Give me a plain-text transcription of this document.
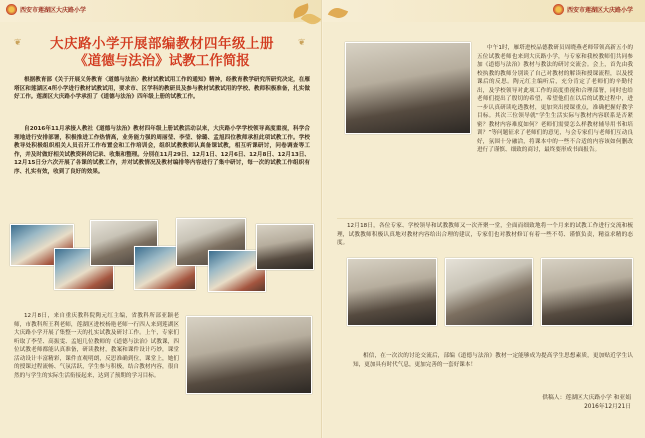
西安市莲湖区大庆路小学
❦	❦
大庆路小学开展部编教材四年级上册
《道德与法治》试教工作简报
根据教育部《关于开展义务教育〈道德与法治〉教材试教试用工作的通知》精神，经教育教学研究所研究决定，在雁塔区和莲湖区4所小学进行教材试教试用，要求市、区学科的教研员及参与教材试教试用的学校、教师积极准备，扎实做好工作。莲湖区大庆路小学承担了《道德与法治》四年级上册的试教工作。
自2016年11月承接人教社《道德与法治》教材四年级上册试教活动以来，大庆路小学学校领导高度重视，科学合理地进行安排部署，积极推进工作热情高，业务能力强的周丽莹、李莹、徐璐、孟旭四位教师承担此项试教工作。学校教导处积极组织相关人员召开工作布置会和工作培训会，组织试教教师认真备课试教，相互听课研讨，问卷调查等工作，并及时做好相关试教资料的记录、收集和整理。分别在11月29日、12月1日、12月6日、12月8日、12月13日、12月15日分六次开展了各课的试教工作，并对试教情况及教材编排等内容进行了集中研讨，每一次的试教工作组织有序、扎实有效，收到了良好的效果。
12月8日，来自重庆教科院陶元红主编，省教科所部亚颖老师，市教科所王利老师，莲湖区进校杨艳老师一行四人来到莲湖区大庆路小学开展了集整一天的扎实试教及研讨工作。上午，专家们听取了李莹、高振雯、孟旭几位教师的《道德与法治》试教课，四位试教老师都能认真准备，研读教材，教案和课件设计巧妙，课堂活动设计丰富精彩，课件直观明朗，反思准确到位，课堂上，她们的授课过程流畅、气氛活跃，学生参与积极，结合教材内容，很自然的与学生的实际生活衔接起来，达到了预期的学习目标。
西安市莲湖区大庆路小学
中午1时，雁塔进校品德教研员周晓燕老师带领高新五小的五位试教老师也来到大庆路小学，与专家和我校教师们共同参加《道德与法治》教材与教法的研讨交流会。会上，首先由我校执教的教师分别谈了自己对教材的解读和授课流程，以及授课后的反思。陶元红主编听后，充分肯定了老师们的辛勤付出，及学校领导对此项工作的高度重视和合理部署，同时也给老师们提出了殷切的希望，希望他们在以后的试教过程中，进一步认真研读吃透教材，更加突出授课重点，准确把握好教学目标。其次三位领导就“学生生活实际与教材内容联系是否紧密？教材内容难度如何？老师们需要怎么样教材辅导用书和培训？”等问题征求了老师们的意见，与会专家们与老师们互动良好，氛围十分融洽，将课本中的一些不合适的内容该如何删改进行了谨慎、细致的商讨，最终要形成书面报告。
12月18日，各位专家、学校领导和试教教师又一次齐聚一堂，全面而细致地将一个月来的试教工作进行交流和梳理，试教教师积极认真地对教材内容给出合理的建议，专家们也对教材修订有着一些不苟、谨慎负责，精益求精的态度。
相信，在一次次的讨论交流后，部编《道德与法治》教材一定能够成为提高学生思想素质，更加贴近学生认知，更加具有时代气息，更加完善的一套好课本！
供稿人：莲湖区大庆路小学 和亚娟
2016年12月21日
